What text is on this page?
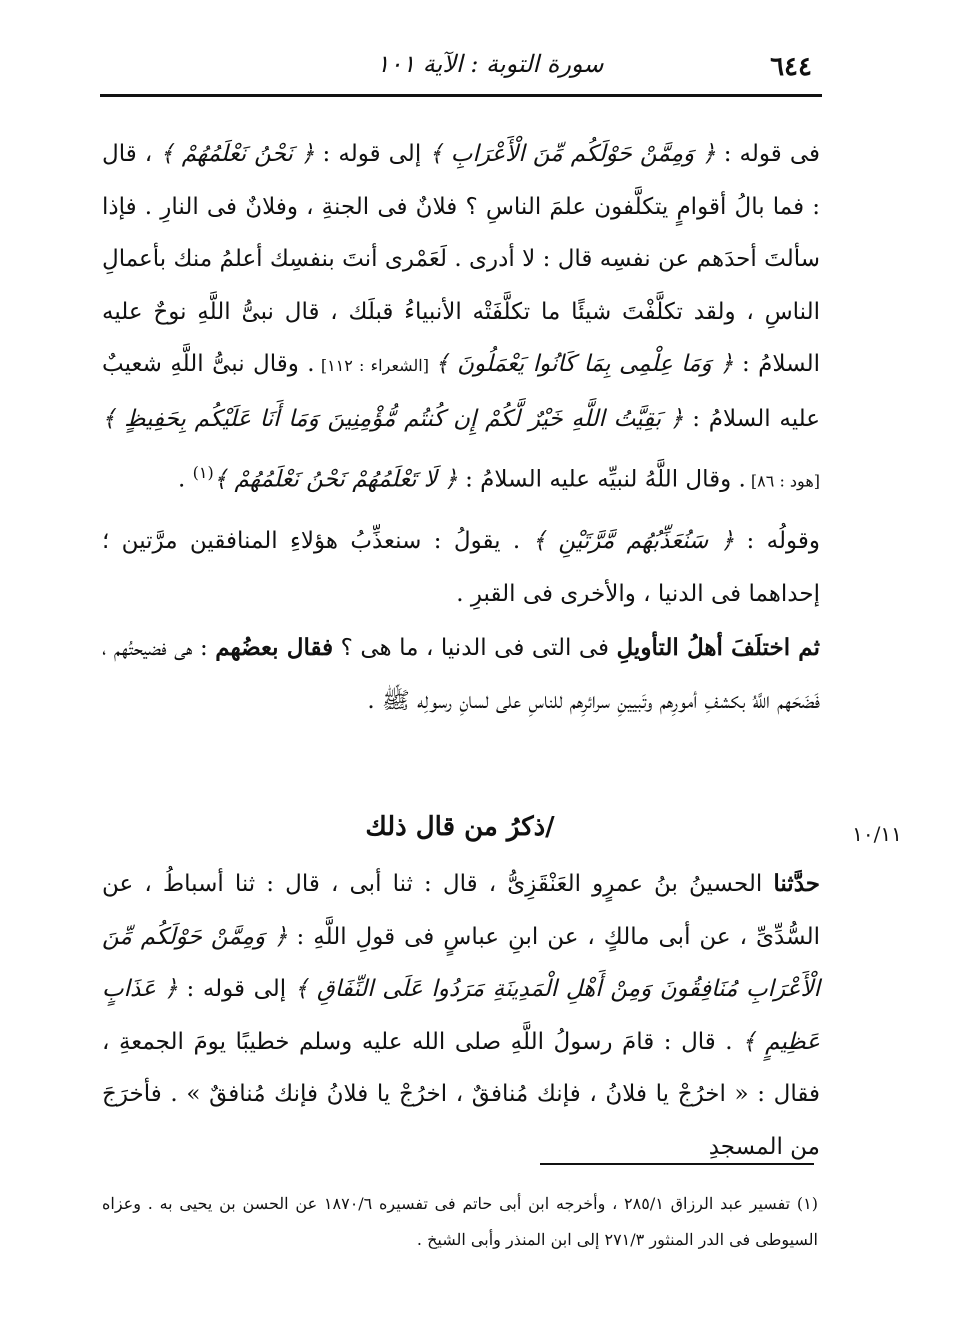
٦٤٤
سورة التوبة : الآية ١٠١

فى قوله : ﴿ وَمِمَّنْ حَوْلَكُم مِّنَ الْأَعْرَابِ ﴾ إلى قوله : ﴿ نَحْنُ نَعْلَمُهُمْ ﴾ ، قال : فما بالُ أقوامٍ يتكلَّفون علمَ الناسِ ؟ فلانٌ فى الجنةِ ، وفلانٌ فى النارِ . فإذا سألتَ أحدَهم عن نفسِه قال : لا أدرى . لَعَمْرى أنتَ بنفسِك أعلمُ منك بأعمالِ الناسِ ، ولقد تكلَّفْتَ شيئًا ما تكلَّفَتْه الأنبياءُ قبلَك ، قال نبىُّ اللَّهِ نوحٌ عليه السلامُ : ﴿ وَمَا عِلْمِى بِمَا كَانُوا يَعْمَلُونَ ﴾ [الشعراء : ١١٢] . وقال نبىُّ اللَّهِ شعيبٌ عليه السلامُ : ﴿ بَقِيَّتُ اللَّهِ خَيْرٌ لَّكُمْ إِن كُنتُم مُّؤْمِنِينَ وَمَا أَنَا عَلَيْكُم بِحَفِيظٍ ﴾ [هود : ٨٦] . وقال اللَّهُ لنبيِّه عليه السلامُ : ﴿ لَا تَعْلَمُهُمْ نَحْنُ نَعْلَمُهُمْ ﴾$^{(١)}$ .

وقولُه : ﴿ سَنُعَذِّبُهُم مَّرَّتَيْنِ ﴾ . يقولُ : سنعذِّبُ هؤلاءِ المنافقين مرَّتين ؛ إحداهما فى الدنيا ، والأخرى فى القبرِ .

ثم اختلَفَ أهلُ التأويلِ فى التى فى الدنيا ، ما هى ؟ فقال بعضُهم : هى فضيحتُهم ، فَضَحَهم اللَّهُ بكشفِ أمورِهم وتَبيينِ سرائرِهم للناسِ على لسانِ رسولِه ﷺ .

/ذكرُ من قال ذلك	١٠/١١

حدَّثنا الحسينُ بنُ عمرٍو العَنْقَزِىُّ ، قال : ثنا أبى ، قال : ثنا أسباطُ ، عن السُّدِّىِّ ، عن أبى مالكٍ ، عن ابنِ عباسٍ فى قولِ اللَّهِ : ﴿ وَمِمَّنْ حَوْلَكُم مِّنَ الْأَعْرَابِ مُنَافِقُونَ وَمِنْ أَهْلِ الْمَدِينَةِ مَرَدُوا عَلَى النِّفَاقِ ﴾ إلى قوله : ﴿ عَذَابٍ عَظِيمٍ ﴾ . قال : قامَ رسولُ اللَّهِ صلى الله عليه وسلم خطيبًا يومَ الجمعةِ ، فقال : « اخرُجْ يا فلانُ ، فإنك مُنافقٌ ، اخرُجْ يا فلانُ فإنك مُنافقٌ » . فأخرَجَ من المسجدِ

(١) تفسير عبد الرزاق ٢٨٥/١ ، وأخرجه ابن أبى حاتم فى تفسيره ١٨٧٠/٦ عن الحسن بن يحيى به . وعزاه السيوطى فى الدر المنثور ٢٧١/٣ إلى ابن المنذر وأبى الشيخ .
